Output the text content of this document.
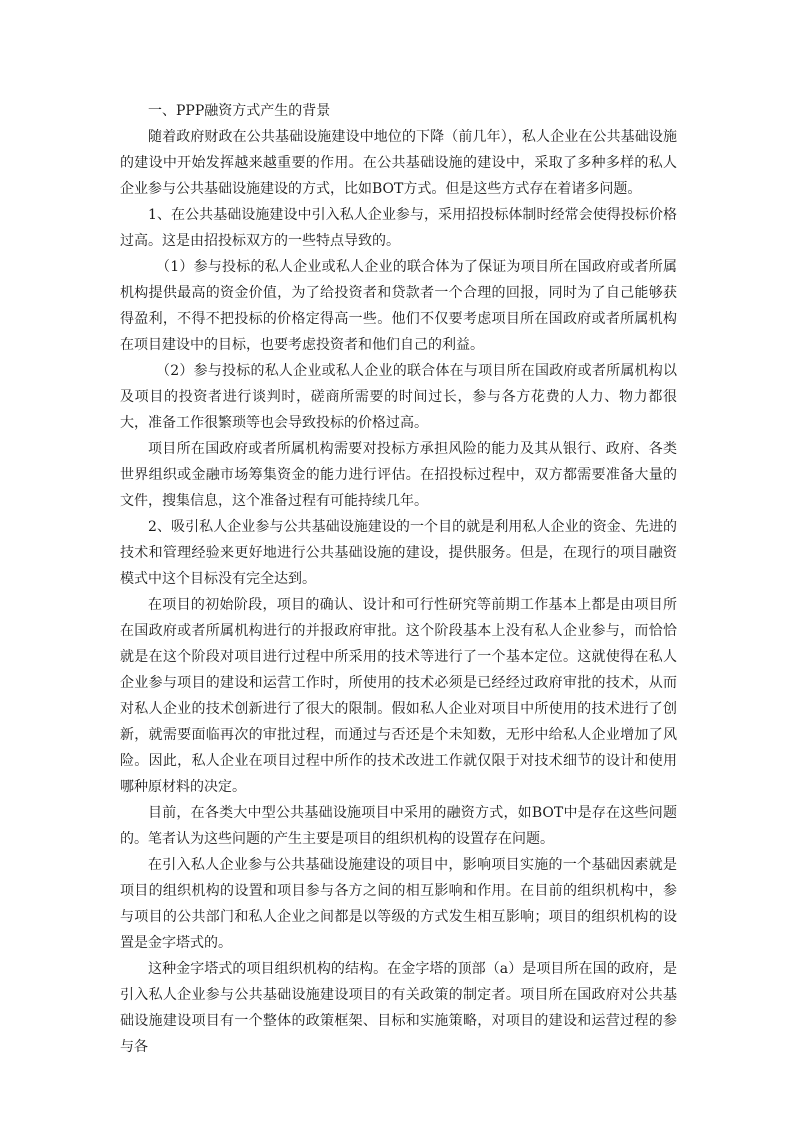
一、PPP融资方式产生的背景

随着政府财政在公共基础设施建设中地位的下降（前几年），私人企业在公共基础设施的建设中开始发挥越来越重要的作用。在公共基础设施的建设中，采取了多种多样的私人企业参与公共基础设施建设的方式，比如BOT方式。但是这些方式存在着诸多问题。

1、在公共基础设施建设中引入私人企业参与，采用招投标体制时经常会使得投标价格过高。这是由招投标双方的一些特点导致的。

（1）参与投标的私人企业或私人企业的联合体为了保证为项目所在国政府或者所属机构提供最高的资金价值，为了给投资者和贷款者一个合理的回报，同时为了自己能够获得盈利，不得不把投标的价格定得高一些。他们不仅要考虑项目所在国政府或者所属机构在项目建设中的目标，也要考虑投资者和他们自己的利益。

（2）参与投标的私人企业或私人企业的联合体在与项目所在国政府或者所属机构以及项目的投资者进行谈判时，磋商所需要的时间过长，参与各方花费的人力、物力都很大，准备工作很繁琐等也会导致投标的价格过高。

项目所在国政府或者所属机构需要对投标方承担风险的能力及其从银行、政府、各类世界组织或金融市场筹集资金的能力进行评估。在招投标过程中，双方都需要准备大量的文件，搜集信息，这个准备过程有可能持续几年。

2、吸引私人企业参与公共基础设施建设的一个目的就是利用私人企业的资金、先进的技术和管理经验来更好地进行公共基础设施的建设，提供服务。但是，在现行的项目融资模式中这个目标没有完全达到。

在项目的初始阶段，项目的确认、设计和可行性研究等前期工作基本上都是由项目所在国政府或者所属机构进行的并报政府审批。这个阶段基本上没有私人企业参与，而恰恰就是在这个阶段对项目进行过程中所采用的技术等进行了一个基本定位。这就使得在私人企业参与项目的建设和运营工作时，所使用的技术必须是已经经过政府审批的技术，从而对私人企业的技术创新进行了很大的限制。假如私人企业对项目中所使用的技术进行了创新，就需要面临再次的审批过程，而通过与否还是个未知数，无形中给私人企业增加了风险。因此，私人企业在项目过程中所作的技术改进工作就仅限于对技术细节的设计和使用哪种原材料的决定。

目前，在各类大中型公共基础设施项目中采用的融资方式，如BOT中是存在这些问题的。笔者认为这些问题的产生主要是项目的组织机构的设置存在问题。

在引入私人企业参与公共基础设施建设的项目中，影响项目实施的一个基础因素就是项目的组织机构的设置和项目参与各方之间的相互影响和作用。在目前的组织机构中，参与项目的公共部门和私人企业之间都是以等级的方式发生相互影响；项目的组织机构的设置是金字塔式的。

这种金字塔式的项目组织机构的结构。在金字塔的顶部（a）是项目所在国的政府，是引入私人企业参与公共基础设施建设项目的有关政策的制定者。项目所在国政府对公共基础设施建设项目有一个整体的政策框架、目标和实施策略，对项目的建设和运营过程的参与各
